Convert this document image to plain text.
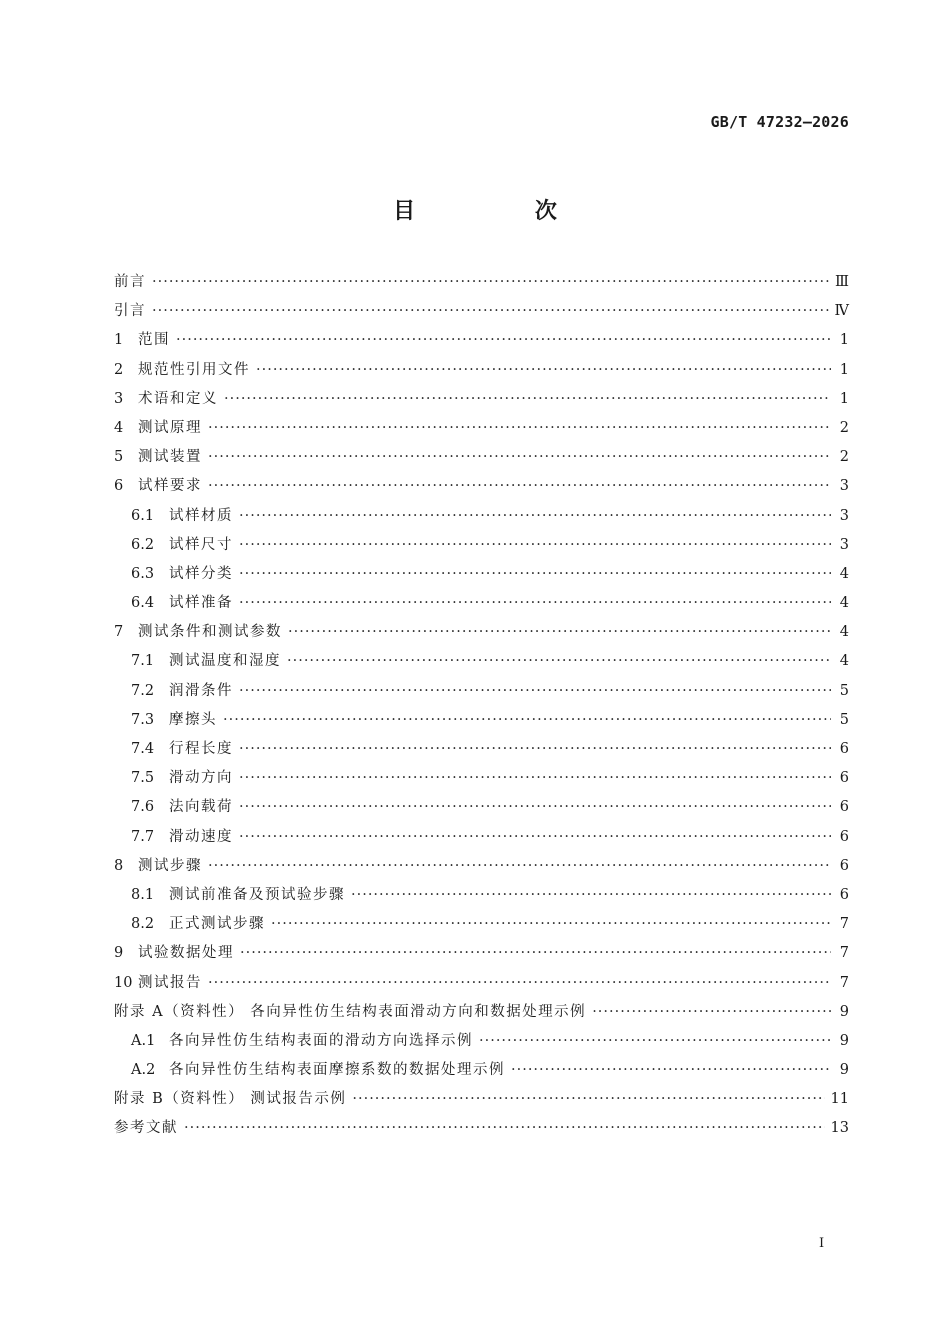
GB/T 47232—2026
目 次
前言 ·····	Ⅲ
引言 ·····	Ⅳ
1	范围 ·····	1
2	规范性引用文件 ·····	1
3	术语和定义 ·····	1
4	测试原理 ·····	2
5	测试装置 ·····	2
6	试样要求 ·····	3
6.1	试样材质 ·····	3
6.2	试样尺寸 ·····	3
6.3	试样分类 ·····	4
6.4	试样准备 ·····	4
7	测试条件和测试参数 ·····	4
7.1	测试温度和湿度 ·····	4
7.2	润滑条件 ·····	5
7.3	摩擦头 ·····	5
7.4	行程长度 ·····	6
7.5	滑动方向 ·····	6
7.6	法向载荷 ·····	6
7.7	滑动速度 ·····	6
8	测试步骤 ·····	6
8.1	测试前准备及预试验步骤 ·····	6
8.2	正式测试步骤 ·····	7
9	试验数据处理 ·····	7
10 测试报告 ·····	7
附录 A（资料性） 各向异性仿生结构表面滑动方向和数据处理示例 ·····	9
A.1 各向异性仿生结构表面的滑动方向选择示例 ·····	9
A.2 各向异性仿生结构表面摩擦系数的数据处理示例 ·····	9
附录 B（资料性） 测试报告示例 ·····	11
参考文献 ·····	13
I
